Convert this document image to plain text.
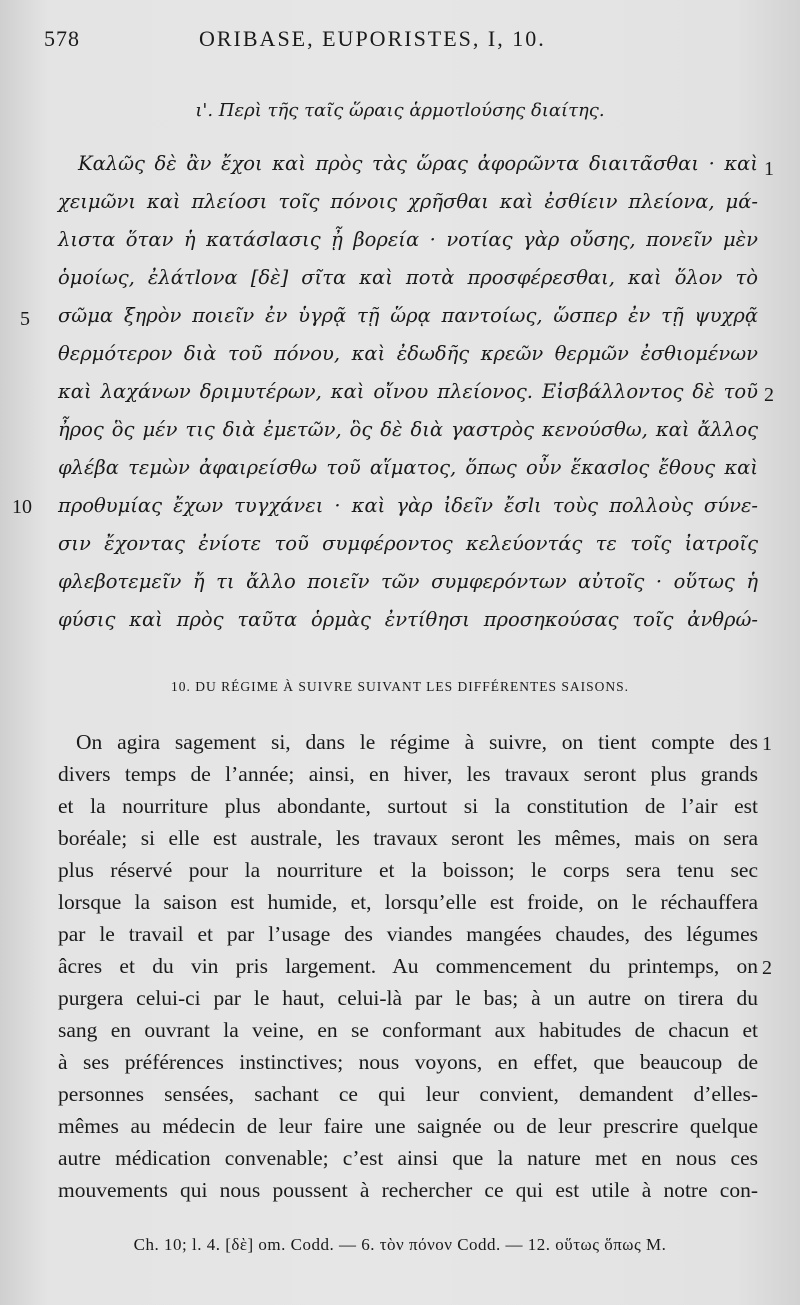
578	ORIBASE, EUPORISTES, I, 10.
ι'. Περὶ τῆς ταῖς ὥραις ἁρμοτlούσης διαίτης.
Καλῶς δὲ ἂν ἔχοι καὶ πρὸς τὰς ὥρας ἀφορῶντα διαιτᾶσθαι · καὶ
χειμῶνι καὶ πλείοσι τοῖς πόνοις χρῆσθαι καὶ ἐσθίειν πλείονα, μά-
λιστα ὅταν ἡ κατάσlασις ᾖ βορεία · νοτίας γὰρ οὔσης, πονεῖν μὲν
ὁμοίως, ἐλάτlονα [δὲ] σῖτα καὶ ποτὰ προσφέρεσθαι, καὶ ὅλον τὸ
σῶμα ξηρὸν ποιεῖν ἐν ὑγρᾷ τῇ ὥρᾳ παντοίως, ὥσπερ ἐν τῇ ψυχρᾷ
θερμότερον διὰ τοῦ πόνου, καὶ ἐδωδῆς κρεῶν θερμῶν ἐσθιομένων
καὶ λαχάνων δριμυτέρων, καὶ οἴνου πλείονος. Εἰσβάλλοντος δὲ τοῦ
ἦρος ὃς μέν τις διὰ ἐμετῶν, ὃς δὲ διὰ γαστρὸς κενούσθω, καὶ ἄλλος
φλέβα τεμὼν ἀφαιρείσθω τοῦ αἵματος, ὅπως οὖν ἕκασlος ἔθους καὶ
προθυμίας ἔχων τυγχάνει · καὶ γὰρ ἰδεῖν ἔσlι τοὺς πολλοὺς σύνε-
σιν ἔχοντας ἐνίοτε τοῦ συμφέροντος κελεύοντάς τε τοῖς ἰατροῖς
φλεβοτεμεῖν ἤ τι ἄλλο ποιεῖν τῶν συμφερόντων αὐτοῖς · οὕτως ἡ
φύσις καὶ πρὸς ταῦτα ὁρμὰς ἐντίθησι προσηκούσας τοῖς ἀνθρώ-
5
10
1
2
10. DU RÉGIME À SUIVRE SUIVANT LES DIFFÉRENTES SAISONS.
On agira sagement si, dans le régime à suivre, on tient compte des
divers temps de l’année; ainsi, en hiver, les travaux seront plus grands
et la nourriture plus abondante, surtout si la constitution de l’air est
boréale; si elle est australe, les travaux seront les mêmes, mais on sera
plus réservé pour la nourriture et la boisson; le corps sera tenu sec
lorsque la saison est humide, et, lorsqu’elle est froide, on le réchauffera
par le travail et par l’usage des viandes mangées chaudes, des légumes
âcres et du vin pris largement. Au commencement du printemps, on
purgera celui-ci par le haut, celui-là par le bas; à un autre on tirera du
sang en ouvrant la veine, en se conformant aux habitudes de chacun et
à ses préférences instinctives; nous voyons, en effet, que beaucoup de
personnes sensées, sachant ce qui leur convient, demandent d’elles-
mêmes au médecin de leur faire une saignée ou de leur prescrire quelque
autre médication convenable; c’est ainsi que la nature met en nous ces
mouvements qui nous poussent à rechercher ce qui est utile à notre con-
1
2
Ch. 10; l. 4. [δὲ] om. Codd. — 6. τὸν πόνον Codd. — 12. οὕτως ὅπως M.
